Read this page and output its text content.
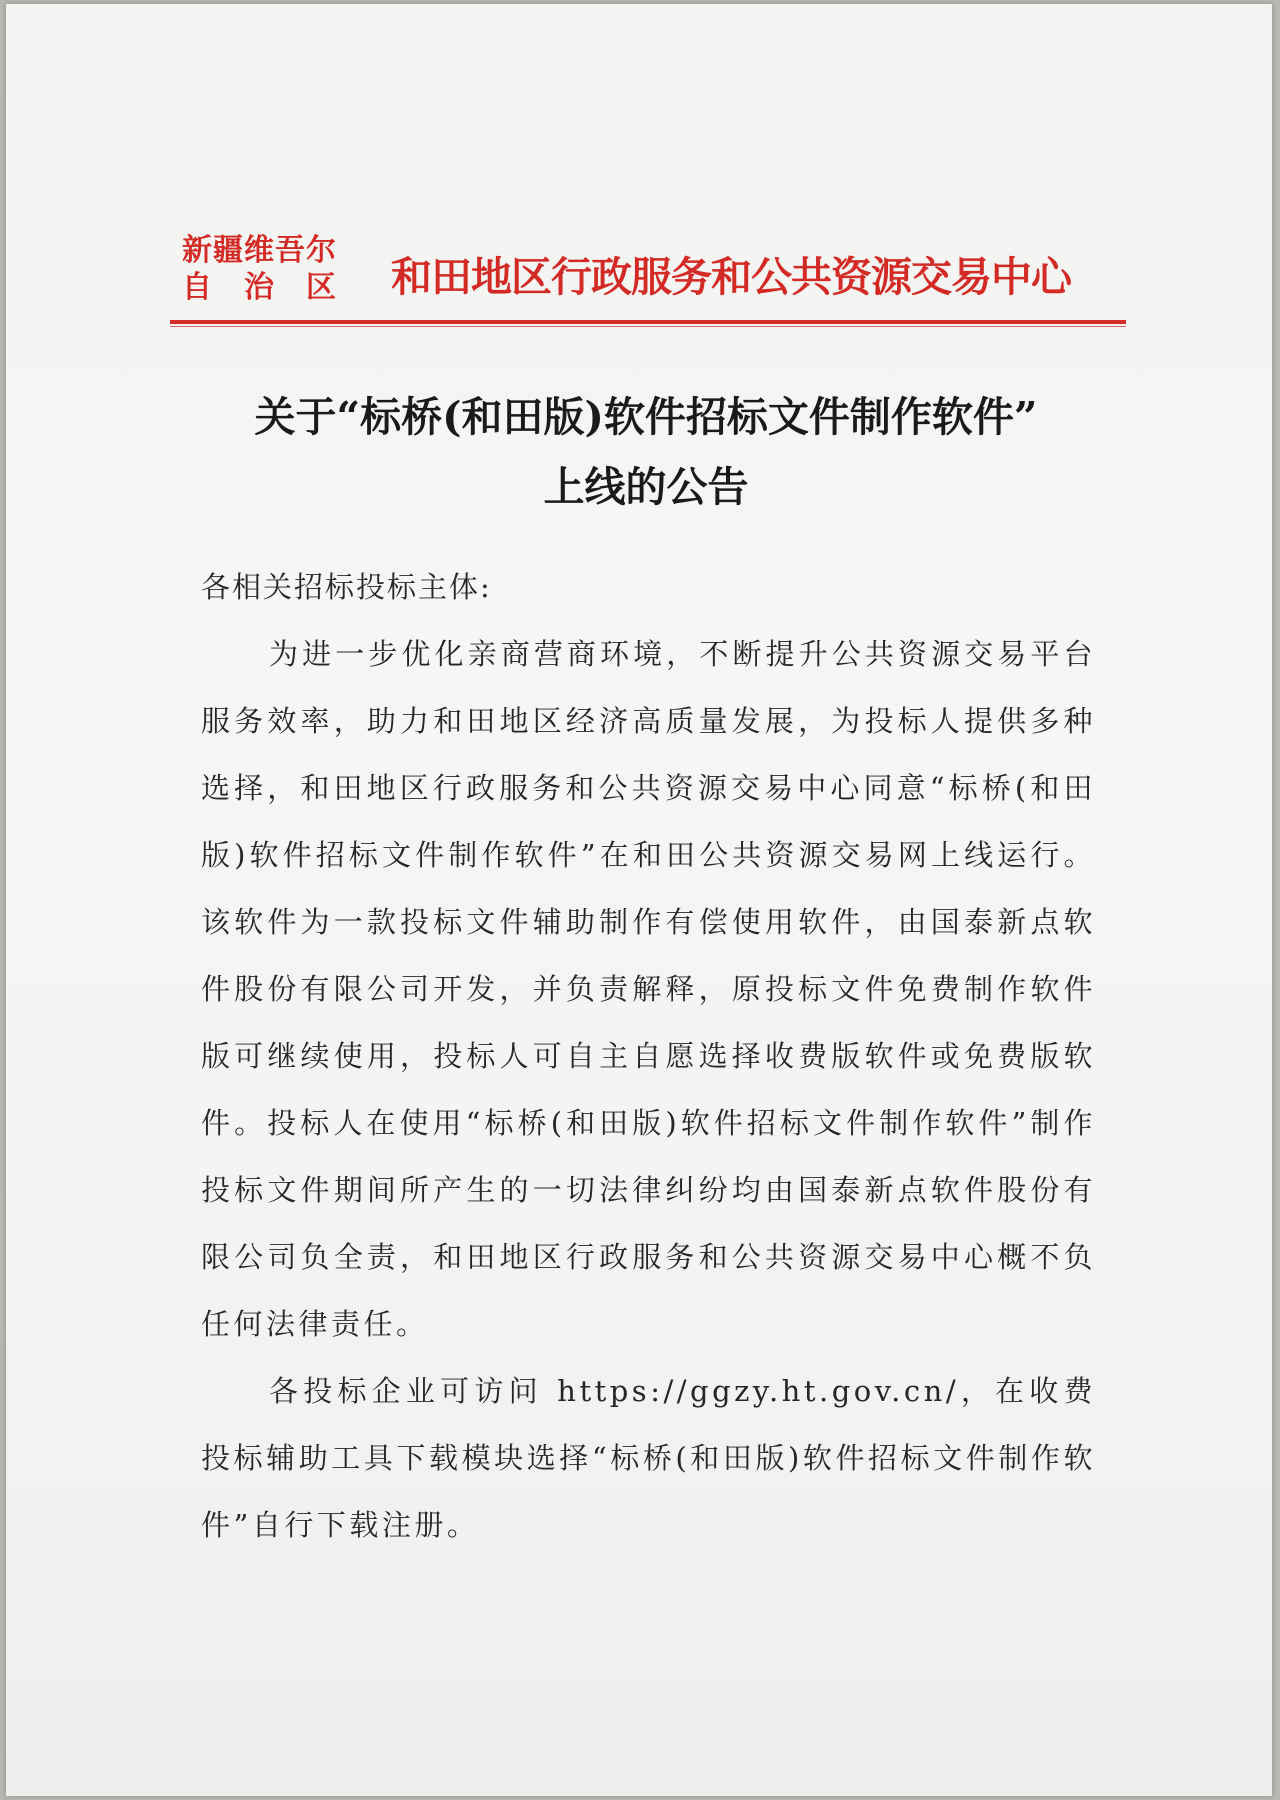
新疆维吾尔
自治区 和田地区行政服务和公共资源交易中心
关于“标桥(和田版)软件招标文件制作软件”
上线的公告

各相关招标投标主体:

为进一步优化亲商营商环境，不断提升公共资源交易平台服务效率，助力和田地区经济高质量发展，为投标人提供多种选择，和田地区行政服务和公共资源交易中心同意“标桥(和田版)软件招标文件制作软件”在和田公共资源交易网上线运行。该软件为一款投标文件辅助制作有偿使用软件，由国泰新点软件股份有限公司开发，并负责解释，原投标文件免费制作软件版可继续使用，投标人可自主自愿选择收费版软件或免费版软件。投标人在使用“标桥(和田版)软件招标文件制作软件”制作投标文件期间所产生的一切法律纠纷均由国泰新点软件股份有限公司负全责，和田地区行政服务和公共资源交易中心概不负任何法律责任。

各投标企业可访问 https://ggzy.ht.gov.cn/，在收费投标辅助工具下载模块选择“标桥(和田版)软件招标文件制作软件”自行下载注册。
